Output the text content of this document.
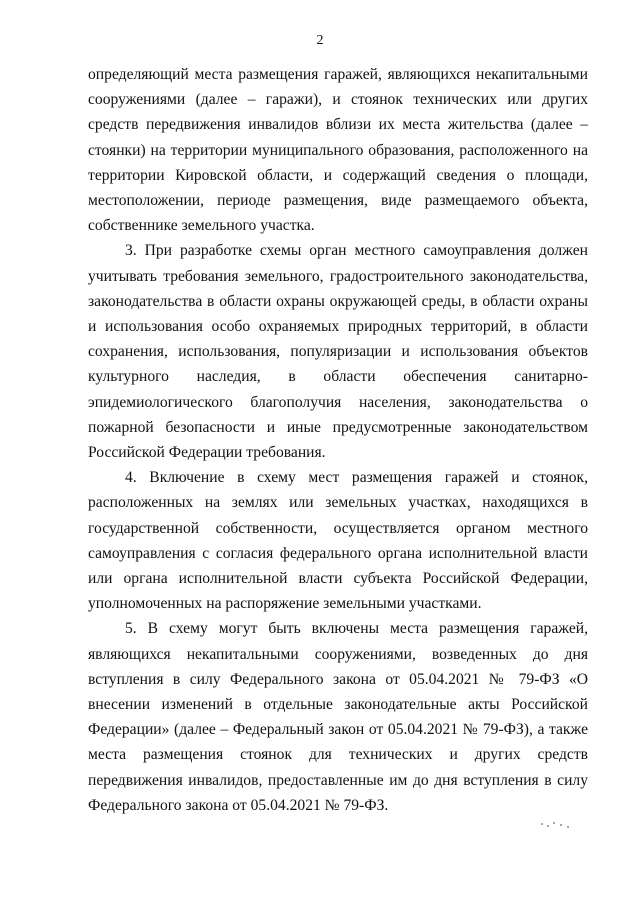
2

определяющий места размещения гаражей, являющихся некапитальными сооружениями (далее – гаражи), и стоянок технических или других средств передвижения инвалидов вблизи их места жительства (далее – стоянки) на территории муниципального образования, расположенного на территории Кировской области, и содержащий сведения о площади, местоположении, периоде размещения, виде размещаемого объекта, собственнике земельного участка.

3. При разработке схемы орган местного самоуправления должен учитывать требования земельного, градостроительного законодательства, законодательства в области охраны окружающей среды, в области охраны и использования особо охраняемых природных территорий, в области сохранения, использования, популяризации и использования объектов культурного наследия, в области обеспечения санитарно-эпидемиологического благополучия населения, законодательства о пожарной безопасности и иные предусмотренные законодательством Российской Федерации требования.

4. Включение в схему мест размещения гаражей и стоянок, расположенных на землях или земельных участках, находящихся в государственной собственности, осуществляется органом местного самоуправления с согласия федерального органа исполнительной власти или органа исполнительной власти субъекта Российской Федерации, уполномоченных на распоряжение земельными участками.

5. В схему могут быть включены места размещения гаражей, являющихся некапитальными сооружениями, возведенных до дня вступления в силу Федерального закона от 05.04.2021 № 79-ФЗ «О внесении изменений в отдельные законодательные акты Российской Федерации» (далее – Федеральный закон от 05.04.2021 № 79-ФЗ), а также места размещения стоянок для технических и других средств передвижения инвалидов, предоставленные им до дня вступления в силу Федерального закона от 05.04.2021 № 79-ФЗ.
